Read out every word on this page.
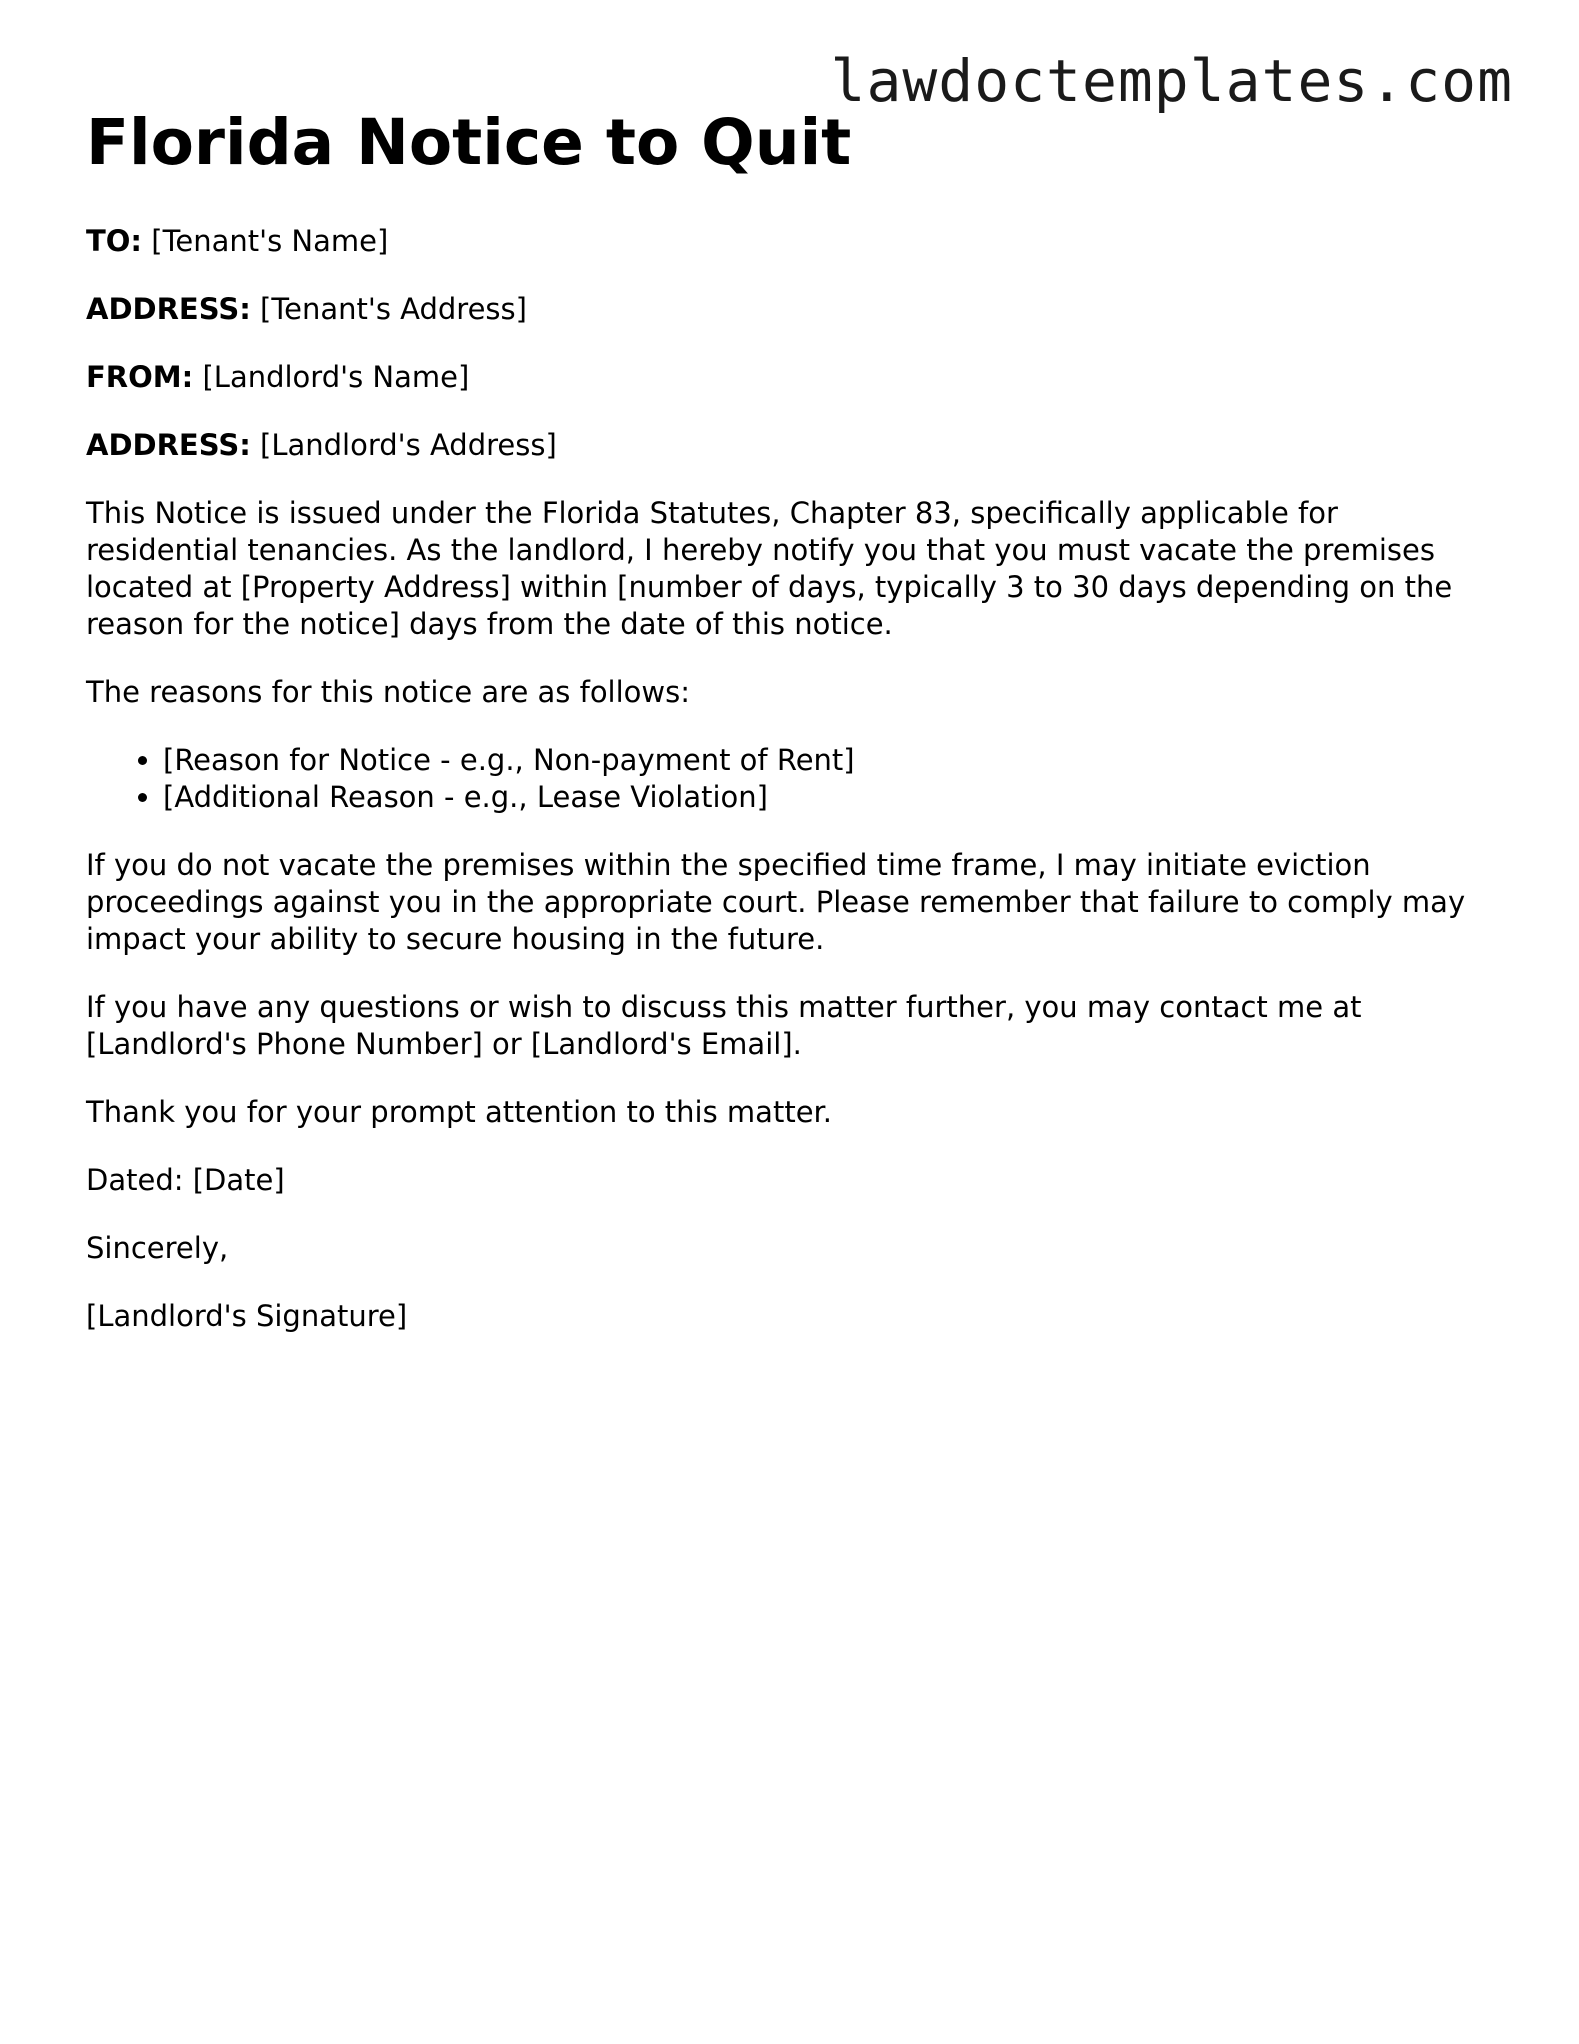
lawdoctemplates.com
Florida Notice to Quit

TO: [Tenant's Name]

ADDRESS: [Tenant's Address]

FROM: [Landlord's Name]

ADDRESS: [Landlord's Address]

This Notice is issued under the Florida Statutes, Chapter 83, specifically applicable for residential tenancies. As the landlord, I hereby notify you that you must vacate the premises located at [Property Address] within [number of days, typically 3 to 30 days depending on the reason for the notice] days from the date of this notice.

The reasons for this notice are as follows:

• [Reason for Notice - e.g., Non-payment of Rent]
• [Additional Reason - e.g., Lease Violation]

If you do not vacate the premises within the specified time frame, I may initiate eviction proceedings against you in the appropriate court. Please remember that failure to comply may impact your ability to secure housing in the future.

If you have any questions or wish to discuss this matter further, you may contact me at [Landlord's Phone Number] or [Landlord's Email].

Thank you for your prompt attention to this matter.

Dated: [Date]

Sincerely,

[Landlord's Signature]
